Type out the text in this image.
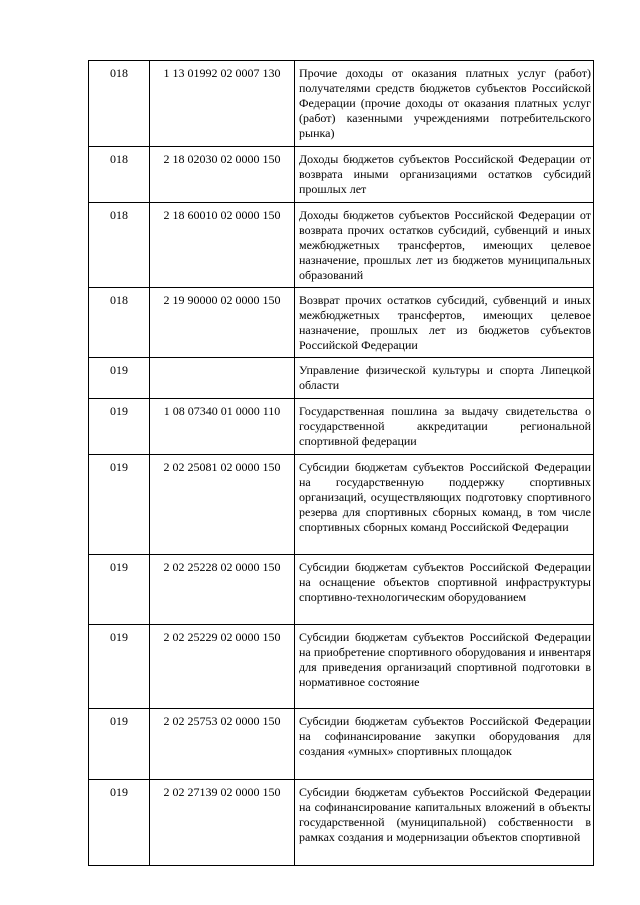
018	1 13 01992 02 0007 130	Прочие доходы от оказания платных услуг (работ) получателями средств бюджетов субъектов Российской Федерации (прочие доходы от оказания платных услуг (работ) казенными учреждениями потребительского рынка)
018	2 18 02030 02 0000 150	Доходы бюджетов субъектов Российской Федерации от возврата иными организациями остатков субсидий прошлых лет
018	2 18 60010 02 0000 150	Доходы бюджетов субъектов Российской Федерации от возврата прочих остатков субсидий, субвенций и иных межбюджетных трансфертов, имеющих целевое назначение, прошлых лет из бюджетов муниципальных образований
018	2 19 90000 02 0000 150	Возврат прочих остатков субсидий, субвенций и иных межбюджетных трансфертов, имеющих целевое назначение, прошлых лет из бюджетов субъектов Российской Федерации
019		Управление физической культуры и спорта Липецкой области
019	1 08 07340 01 0000 110	Государственная пошлина за выдачу свидетельства о государственной аккредитации региональной спортивной федерации
019	2 02 25081 02 0000 150	Субсидии бюджетам субъектов Российской Федерации на государственную поддержку спортивных организаций, осуществляющих подготовку спортивного резерва для спортивных сборных команд, в том числе спортивных сборных команд Российской Федерации
019	2 02 25228 02 0000 150	Субсидии бюджетам субъектов Российской Федерации на оснащение объектов спортивной инфраструктуры спортивно-технологическим оборудованием
019	2 02 25229 02 0000 150	Субсидии бюджетам субъектов Российской Федерации на приобретение спортивного оборудования и инвентаря для приведения организаций спортивной подготовки в нормативное состояние
019	2 02 25753 02 0000 150	Субсидии бюджетам субъектов Российской Федерации на софинансирование закупки оборудования для создания «умных» спортивных площадок
019	2 02 27139 02 0000 150	Субсидии бюджетам субъектов Российской Федерации на софинансирование капитальных вложений в объекты государственной (муниципальной) собственности в рамках создания и модернизации объектов спортивной
